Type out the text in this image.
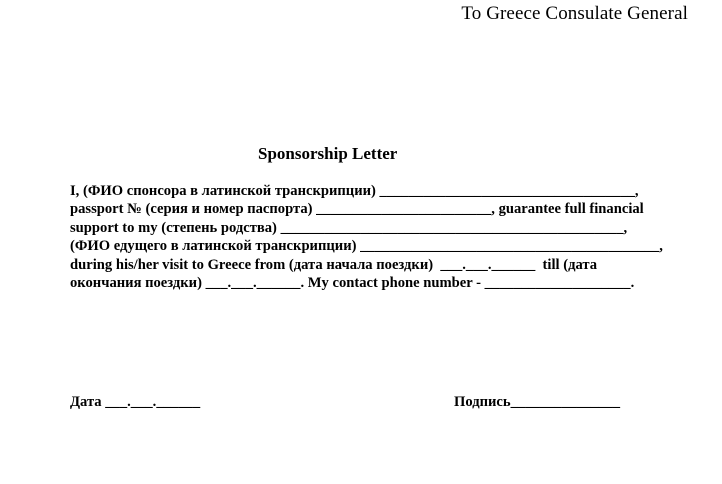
To Greece Consulate General
Sponsorship Letter
I, (ФИО спонсора в латинской транскрипции) ___________________________________,
passport № (серия и номер паспорта) ________________________, guarantee full financial
support to my (степень родства) _______________________________________________,
(ФИО едущего в латинской транскрипции) _________________________________________,
during his/her visit to Greece from (дата начала поездки)  ___.___.______  till (дата
окончания поездки) ___.___.______. My contact phone number - ____________________.
Дата ___.___.______	Подпись_______________
